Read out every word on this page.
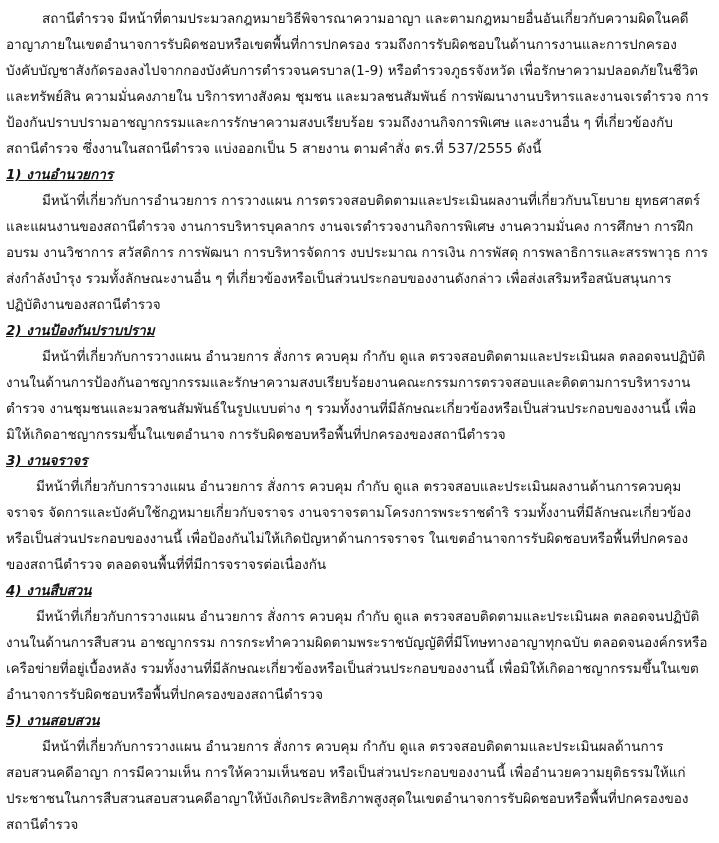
สถานีตำรวจ มีหน้าที่ตามประมวลกฎหมายวิธีพิจารณาความอาญา และตามกฎหมายอื่นอันเกี่ยวกับความผิดในคดี
อาญาภายในเขตอำนาจการรับผิดชอบหรือเขตพื้นที่การปกครอง รวมถึงการรับผิดชอบในด้านการงานและการปกครอง
บังคับบัญชาสังกัดรองลงไปจากกองบังคับการตำรวจนครบาล(1-9) หรือตำรวจภูธรจังหวัด เพื่อรักษาความปลอดภัยในชีวิต
และทรัพย์สิน ความมั่นคงภายใน บริการทางสังคม ชุมชน และมวลชนสัมพันธ์ การพัฒนางานบริหารและงานจเรตำรวจ การ
ป้องกันปราบปรามอาชญากรรมและการรักษาความสงบเรียบร้อย รวมถึงงานกิจการพิเศษ และงานอื่น ๆ ที่เกี่ยวข้องกับ
สถานีตำรวจ ซึ่งงานในสถานีตำรวจ แบ่งออกเป็น 5 สายงาน ตามคำสั่ง ตร.ที่ 537/2555 ดังนี้
1) งานอำนวยการ
มีหน้าที่เกี่ยวกับการอำนวยการ การวางแผน การตรวจสอบติดตามและประเมินผลงานที่เกี่ยวกับนโยบาย ยุทธศาสตร์
และแผนงานของสถานีตำรวจ งานการบริหารบุคลากร งานจเรตำรวจงานกิจการพิเศษ งานความมั่นคง การศึกษา การฝึก
อบรม งานวิชาการ สวัสดิการ การพัฒนา การบริหารจัดการ งบประมาณ การเงิน การพัสดุ การพลาธิการและสรรพาวุธ การ
ส่งกำลังบำรุง รวมทั้งลักษณะงานอื่น ๆ ที่เกี่ยวข้องหรือเป็นส่วนประกอบของงานดังกล่าว เพื่อส่งเสริมหรือสนับสนุนการ
ปฏิบัติงานของสถานีตำรวจ
2) งานป้องกันปราบปราม
มีหน้าที่เกี่ยวกับการวางแผน อำนวยการ สั่งการ ควบคุม กำกับ ดูแล ตรวจสอบติดตามและประเมินผล ตลอดจนปฏิบัติ
งานในด้านการป้องกันอาชญากรรมและรักษาความสงบเรียบร้อยงานคณะกรรมการตรวจสอบและติดตามการบริหารงาน
ตำรวจ งานชุมชนและมวลชนสัมพันธ์ในรูปแบบต่าง ๆ รวมทั้งงานที่มีลักษณะเกี่ยวข้องหรือเป็นส่วนประกอบของงานนี้ เพื่อ
มิให้เกิดอาชญากรรมขึ้นในเขตอำนาจ การรับผิดชอบหรือพื้นที่ปกครองของสถานีตำรวจ
3) งานจราจร
มีหน้าที่เกี่ยวกับการวางแผน อำนวยการ สั่งการ ควบคุม กำกับ ดูแล ตรวจสอบและประเมินผลงานด้านการควบคุม
จราจร จัดการและบังคับใช้กฎหมายเกี่ยวกับจราจร งานจราจรตามโครงการพระราชดำริ รวมทั้งงานที่มีลักษณะเกี่ยวข้อง
หรือเป็นส่วนประกอบของงานนี้ เพื่อป้องกันไม่ให้เกิดปัญหาด้านการจราจร ในเขตอำนาจการรับผิดชอบหรือพื้นที่ปกครอง
ของสถานีตำรวจ ตลอดจนพื้นที่ที่มีการจราจรต่อเนื่องกัน
4) งานสืบสวน
มีหน้าที่เกี่ยวกับการวางแผน อำนวยการ สั่งการ ควบคุม กำกับ ดูแล ตรวจสอบติดตามและประเมินผล ตลอดจนปฏิบัติ
งานในด้านการสืบสวน อาชญากรรม การกระทำความผิดตามพระราชบัญญัติที่มีโทษทางอาญาทุกฉบับ ตลอดจนองค์กรหรือ
เครือข่ายที่อยู่เบื้องหลัง รวมทั้งงานที่มีลักษณะเกี่ยวข้องหรือเป็นส่วนประกอบของงานนี้ เพื่อมิให้เกิดอาชญากรรมขึ้นในเขต
อำนาจการรับผิดชอบหรือพื้นที่ปกครองของสถานีตำรวจ
5) งานสอบสวน
มีหน้าที่เกี่ยวกับการวางแผน อำนวยการ สั่งการ ควบคุม กำกับ ดูแล ตรวจสอบติดตามและประเมินผลด้านการ
สอบสวนคดีอาญา การมีความเห็น การให้ความเห็นชอบ หรือเป็นส่วนประกอบของงานนี้ เพื่ออำนวยความยุติธรรมให้แก่
ประชาชนในการสืบสวนสอบสวนคดีอาญาให้บังเกิดประสิทธิภาพสูงสุดในเขตอำนาจการรับผิดชอบหรือพื้นที่ปกครองของ
สถานีตำรวจ
